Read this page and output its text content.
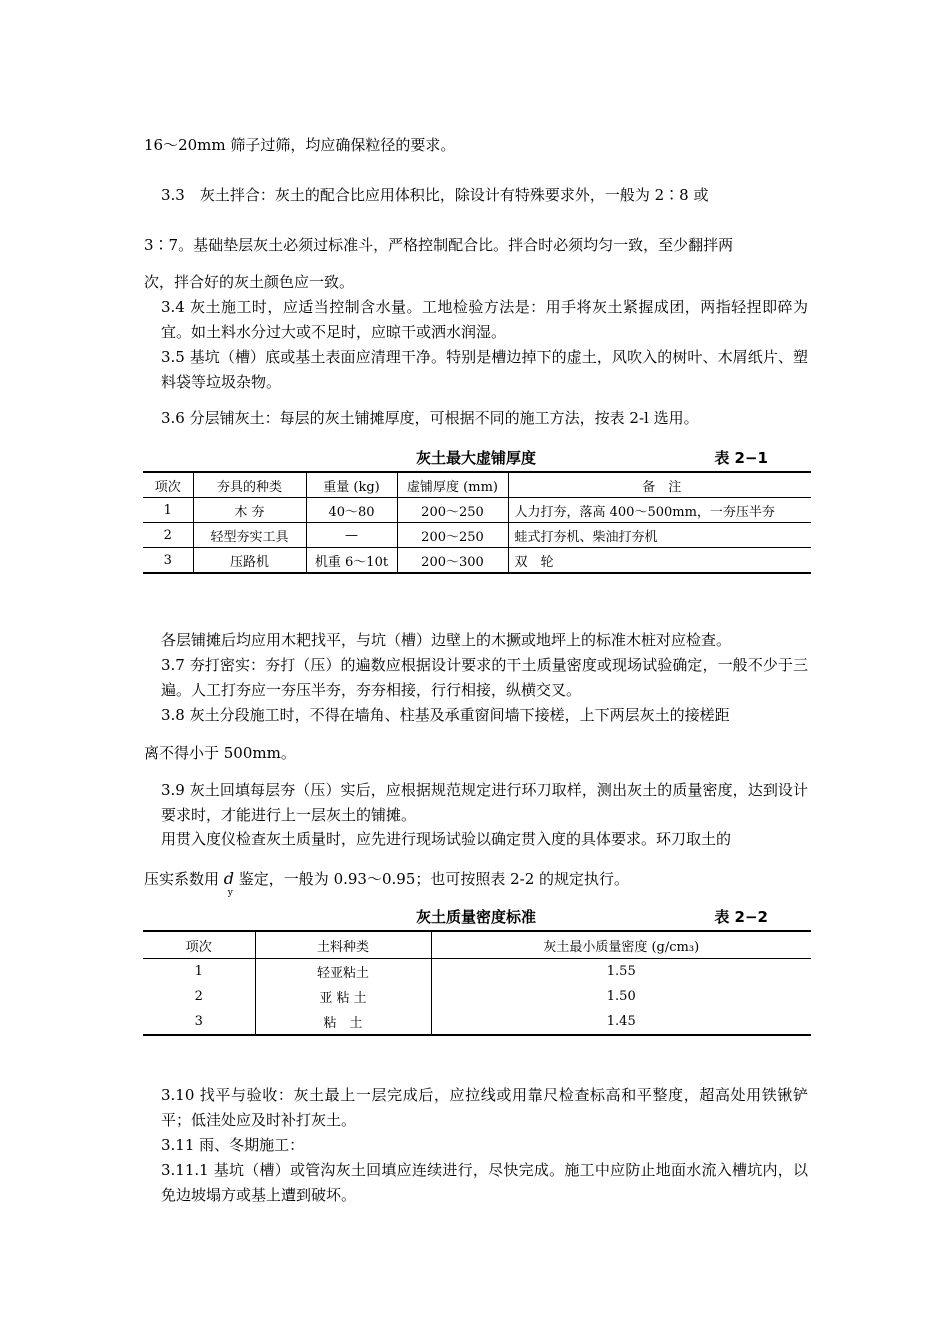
16～20mm 筛子过筛，均应确保粒径的要求。
3.3　灰土拌合：灰土的配合比应用体积比，除设计有特殊要求外，一般为 2∶8 或
3∶7。基础垫层灰土必须过标准斗，严格控制配合比。拌合时必须均匀一致，至少翻拌两
次，拌合好的灰土颜色应一致。
3.4 灰土施工时，应适当控制含水量。工地检验方法是：用手将灰土紧握成团，两指轻捏即碎为宜。如土料水分过大或不足时，应晾干或洒水润湿。
3.5 基坑（槽）底或基土表面应清理干净。特别是槽边掉下的虚土，风吹入的树叶、木屑纸片、塑料袋等垃圾杂物。
3.6 分层铺灰土：每层的灰土铺摊厚度，可根据不同的施工方法，按表 2-l 选用。
灰土最大虚铺厚度	表 2−1
项次	夯具的种类	重量 (kg)	虚铺厚度 (mm)	备　注
1	木 夯	40～80	200～250	人力打夯，落高 400～500mm，一夯压半夯
2	轻型夯实工具	—	200～250	蛙式打夯机、柴油打夯机
3	压路机	机重 6～10t	200～300	双　轮
各层铺摊后均应用木耙找平，与坑（槽）边壁上的木撅或地坪上的标准木桩对应检查。
3.7 夯打密实：夯打（压）的遍数应根据设计要求的干土质量密度或现场试验确定，一般不少于三遍。人工打夯应一夯压半夯，夯夯相接，行行相接，纵横交叉。
3.8 灰土分段施工时，不得在墙角、柱基及承重窗间墙下接槎，上下两层灰土的接槎距
离不得小于 500mm。
3.9 灰土回填每层夯（压）实后，应根据规范规定进行环刀取样，测出灰土的质量密度，达到设计要求时，才能进行上一层灰土的铺摊。
用贯入度仪检查灰土质量时，应先进行现场试验以确定贯入度的具体要求。环刀取土的
压实系数用 d
y
鉴定，一般为 0.93～0.95；也可按照表 2-2 的规定执行。
灰土质量密度标准	表 2−2
项次	土料种类	灰土最小质量密度 (g/cm₃)
1	轻亚粘土	1.55
2	亚 粘 土	1.50
3	粘　土	1.45
3.10 找平与验收：灰土最上一层完成后，应拉线或用靠尺检查标高和平整度，超高处用铁锹铲平；低洼处应及时补打灰土。
3.11 雨、冬期施工：
3.11.1 基坑（槽）或管沟灰土回填应连续进行，尽快完成。施工中应防止地面水流入槽坑内，以免边坡塌方或基上遭到破坏。
